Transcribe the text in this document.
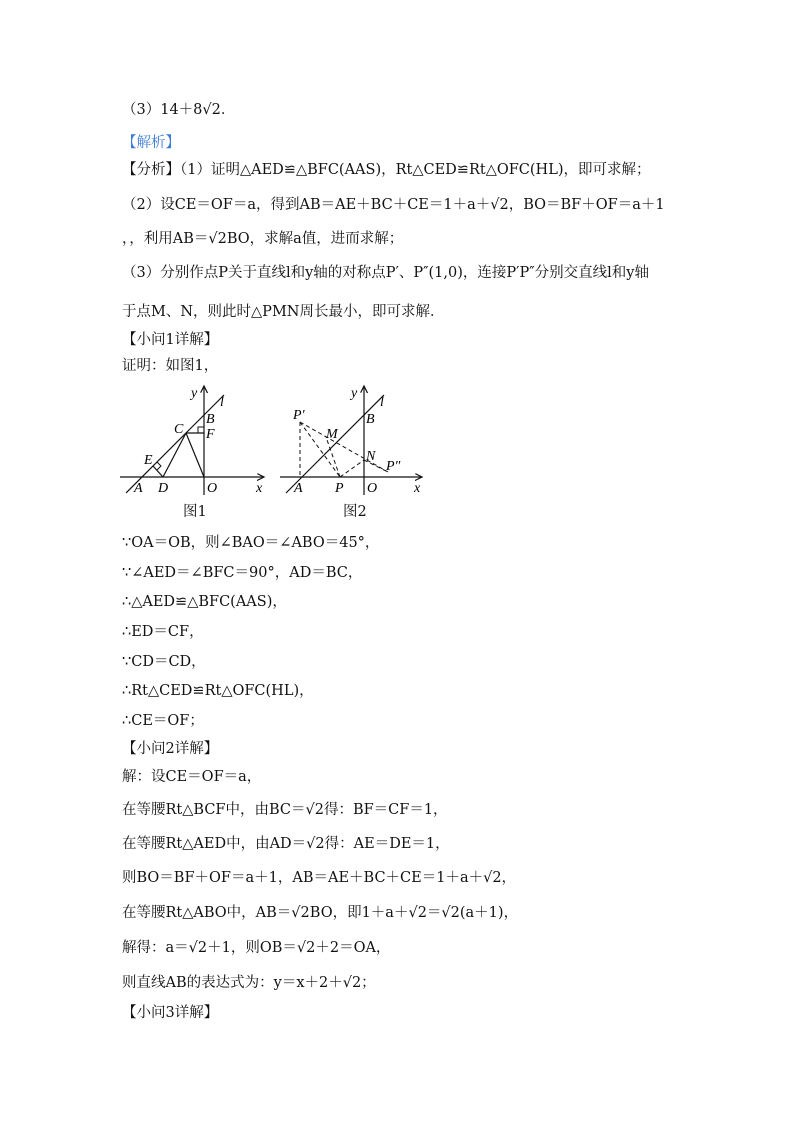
（3）14＋8√2．
【解析】
【分析】（1）证明△AED≌△BFC(AAS)，Rt△CED≌Rt△OFC(HL)，即可求解；
（2）设CE＝OF＝a，得到AB＝AE＋BC＋CE＝1＋a＋√2，BO＝BF＋OF＝a＋1
，，利用AB＝√2BO，求解a值，进而求解；
（3）分别作点P关于直线l和y轴的对称点P′、P″(1,0)，连接P′P″分别交直线l和y轴
于点M、N，则此时△PMN周长最小，即可求解．
【小问1详解】
证明：如图1，
∵OA＝OB，则∠BAO＝∠ABO＝45°，
∵∠AED＝∠BFC＝90°，AD＝BC，
∴△AED≌△BFC(AAS)，
∴ED＝CF，
∵CD＝CD，
∴Rt△CED≌Rt△OFC(HL)，
∴CE＝OF；
【小问2详解】
解：设CE＝OF＝a，
在等腰Rt△BCF中，由BC＝√2得：BF＝CF＝1，
在等腰Rt△AED中，由AD＝√2得：AE＝DE＝1，
则BO＝BF＋OF＝a＋1，AB＝AE＋BC＋CE＝1＋a＋√2，
在等腰Rt△ABO中，AB＝√2BO，即1＋a＋√2＝√2(a＋1)，
解得：a＝√2＋1，则OB＝√2＋2＝OA，
则直线AB的表达式为：y＝x＋2＋√2；
【小问3详解】
y
l
B
C F
E
A D	O	x
图1
y
l
P′	B
M
N
P″
A P O	x
图2
